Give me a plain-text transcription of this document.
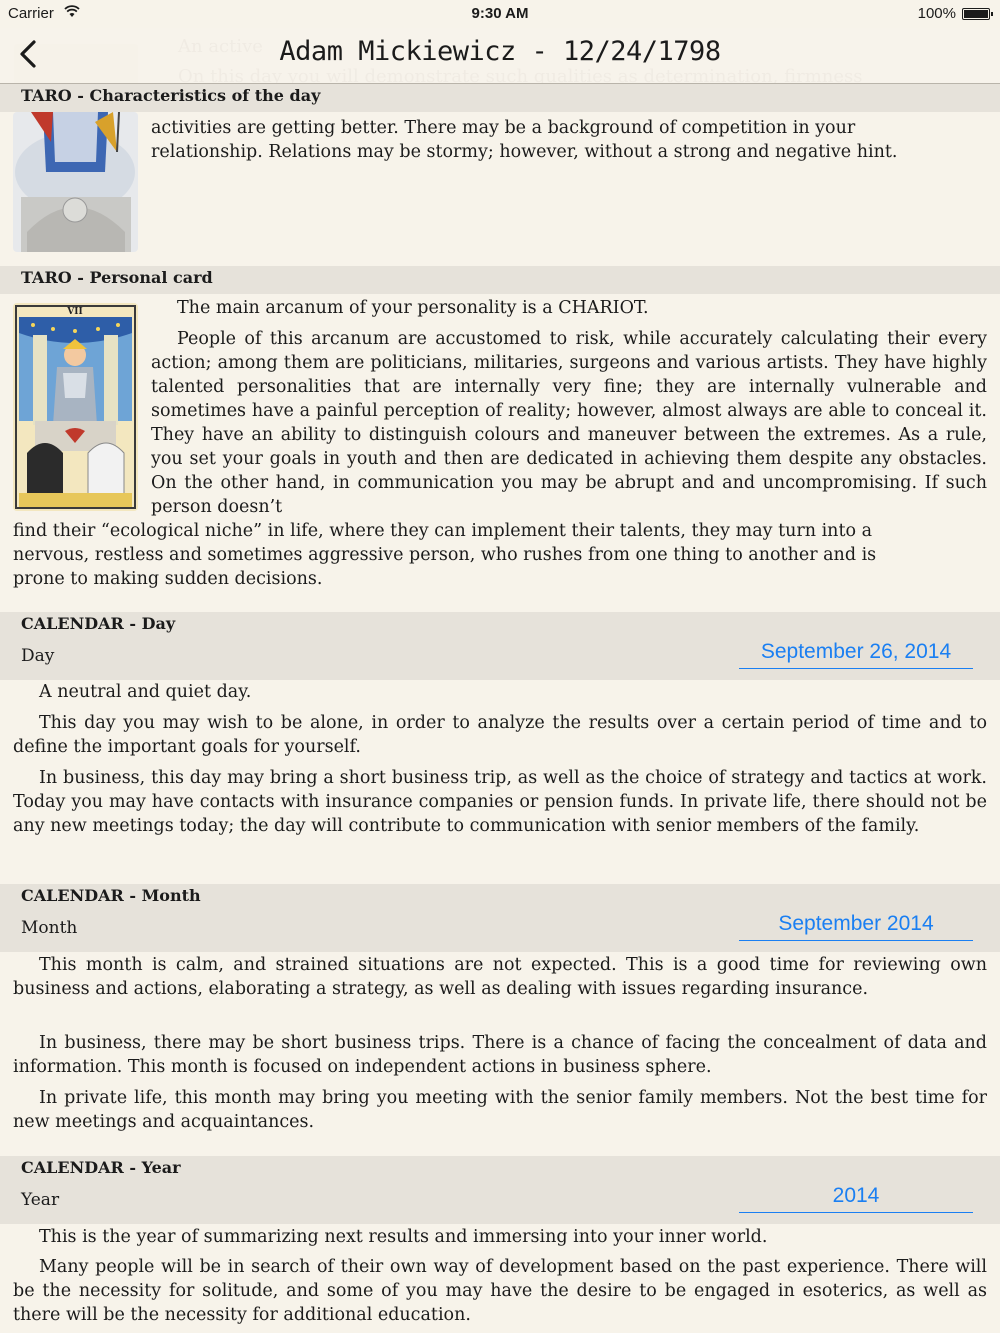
Carrier	9:30 AM	100%
Adam Mickiewicz - 12/24/1798
TARO - Characteristics of the day

activities are getting better. There may be a background of competition in your

relationship. Relations may be stormy; however, without a strong and negative hint.

TARO - Personal card
VII	The main arcanum of your personality is a CHARIOT.

People of this arcanum are accustomed to risk, while accurately calculating their every action; among them are politicians, militaries, surgeons and various artists. They have highly talented personalities that are internally very fine; they are internally vulnerable and sometimes have a painful perception of reality; however, almost always are able to conceal it. They have an ability to distinguish colours and maneuver between the extremes. As a rule, you set your goals in youth and then are dedicated in achieving them despite any obstacles. On the other hand, in communication you may be abrupt and and uncompromising. If such person doesn’t

find their “ecological niche” in life, where they can implement their talents, they may turn into a

nervous, restless and sometimes aggressive person, who rushes from one thing to another and is

prone to making sudden decisions.

CALENDAR - Day
Day	September 26, 2014

A neutral and quiet day.

This day you may wish to be alone, in order to analyze the results over a certain period of time and to define the important goals for yourself.

In business, this day may bring a short business trip, as well as the choice of strategy and tactics at work. Today you may have contacts with insurance companies or pension funds. In private life, there should not be any new meetings today; the day will contribute to communication with senior members of the family.

CALENDAR - Month
Month	September 2014

This month is calm, and strained situations are not expected. This is a good time for reviewing own business and actions, elaborating a strategy, as well as dealing with issues regarding insurance.

In business, there may be short business trips. There is a chance of facing the concealment of data and information. This month is focused on independent actions in business sphere.

In private life, this month may bring you meeting with the senior family members. Not the best time for new meetings and acquaintances.

CALENDAR - Year
Year	2014

This is the year of summarizing next results and immersing into your inner world.

Many people will be in search of their own way of development based on the past experience. There will be the necessity for solitude, and some of you may have the desire to be engaged in esoterics, as well as there will be the necessity for additional education.
